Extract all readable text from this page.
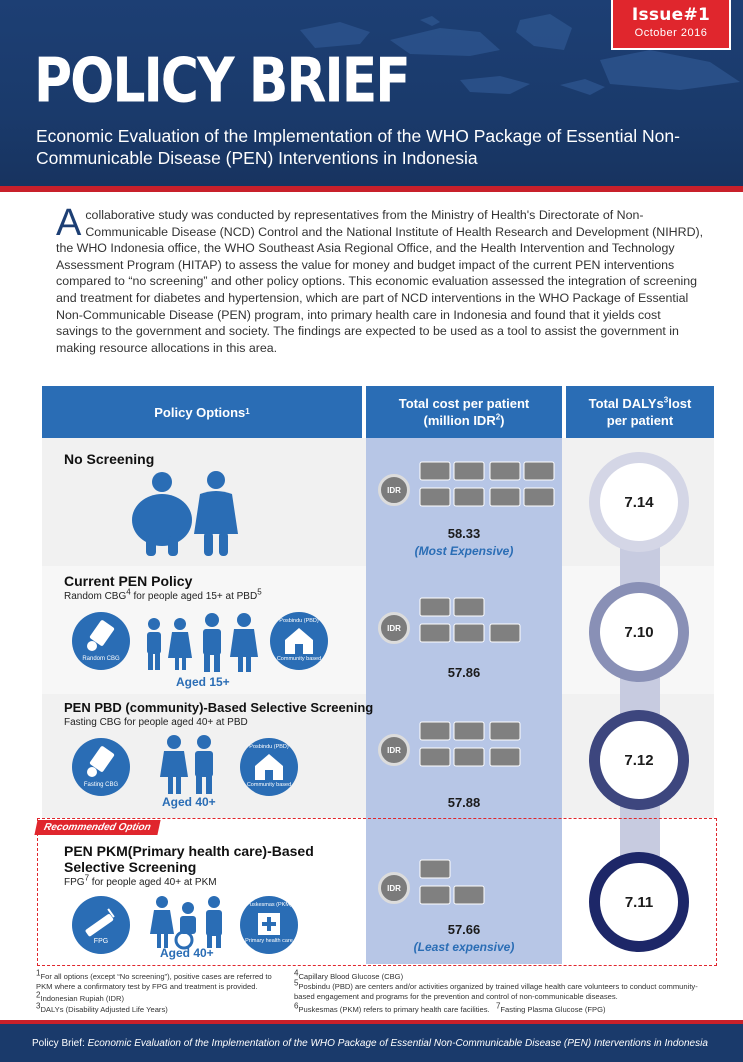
Issue#1
October 2016
POLICY BRIEF
Economic Evaluation of the Implementation of the WHO Package of Essential Non-Communicable Disease (PEN) Interventions in Indonesia
Acollaborative study was conducted by representatives from the Ministry of Health's Directorate of Non-Communicable Disease (NCD) Control and the National Institute of Health Research and Development (NIHRD), the WHO Indonesia office, the WHO Southeast Asia Regional Office, and the Health Intervention and Technology Assessment Program (HITAP) to assess the value for money and budget impact of the current PEN interventions compared to “no screening” and other policy options. This economic evaluation assessed the integration of screening and treatment for diabetes and hypertension, which are part of NCD interventions in the WHO Package of Essential Non-Communicable Disease (PEN) program, into primary health care in Indonesia and found that it yields cost savings to the government and society. The findings are expected to be used as a tool to assist the government in making resource allocations in this area.
Policy Options 1
Total cost per patient
(million IDR$^2$)
Total DALYs$^3$lost
per patient
Recommended Option
No Screening
IDR
58.33
(Most Expensive)
7.14
Current PEN Policy
Random CBG$^4$ for people aged 15+ at PBD$^5$
Random CBG
Aged 15+
Posbindu (PBD)
Community based
IDR
57.86
7.10
PEN PBD (community)-Based Selective Screening
Fasting CBG for people aged 40+ at PBD
Fasting CBG
Aged 40+
Posbindu (PBD)
Community based
IDR
57.88
7.12
PEN PKM(Primary health care)-Based
Selective Screening
FPG$^7$ for people aged 40+ at PKM
FPG
Aged 40+
Puskesmas (PKM)
Primary health care
IDR
57.66
(Least expensive)
7.11
$^1$For all options (except “No screening”), positive cases are referred to PKM where a confirmatory test by FPG and treatment is provided.
$^2$Indonesian Rupiah (IDR)
$^3$DALYs (Disability Adjusted Life Years)
$^4$Capillary Blood Glucose (CBG)
$^5$Posbindu (PBD) are centers and/or activities organized by trained village health care volunteers to conduct community-based engagement and programs for the prevention and control of non-communicable diseases.
$^6$Puskesmas (PKM) refers to primary health care facilities. $^7$Fasting Plasma Glucose (FPG)
Policy Brief:
Economic Evaluation of the Implementation of the WHO Package of Essential Non-Communicable Disease (PEN) Interventions in Indonesia
